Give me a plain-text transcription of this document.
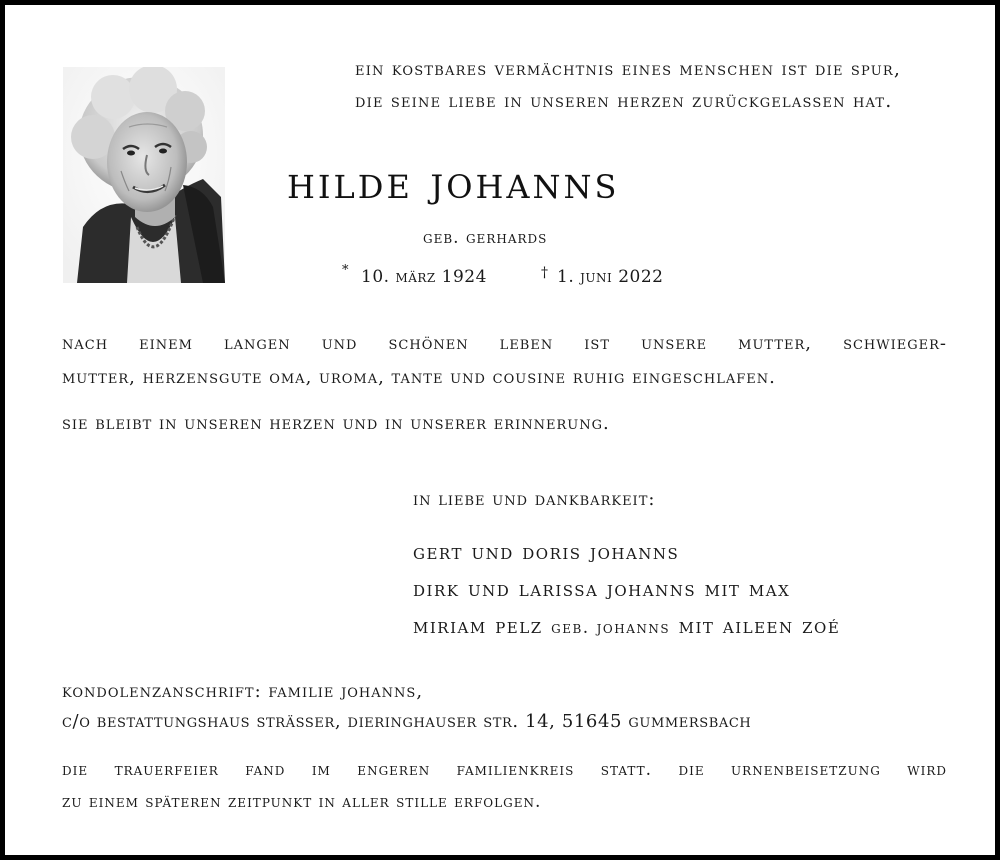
ein kostbares vermächtnis eines menschen ist die spur,
die seine liebe in unseren herzen zurückgelassen hat.
hilde johanns
geb. gerhards
* 10. märz 1924	† 1. juni 2022
nach einem langen und schönen leben ist unsere mutter, schwieger-
mutter, herzensgute oma, uroma, tante und cousine ruhig eingeschlafen.
sie bleibt in unseren herzen und in unserer erinnerung.
in liebe und dankbarkeit:
gert und doris johanns
dirk und larissa johanns mit max
miriam pelz geb. johanns mit aileen zoé
kondolenzanschrift: familie johanns,
c/o bestattungshaus strässer, dieringhauser str. 14, 51645 gummersbach
die trauerfeier fand im engeren familienkreis statt. die urnenbeisetzung wird
zu einem späteren zeitpunkt in aller stille erfolgen.
